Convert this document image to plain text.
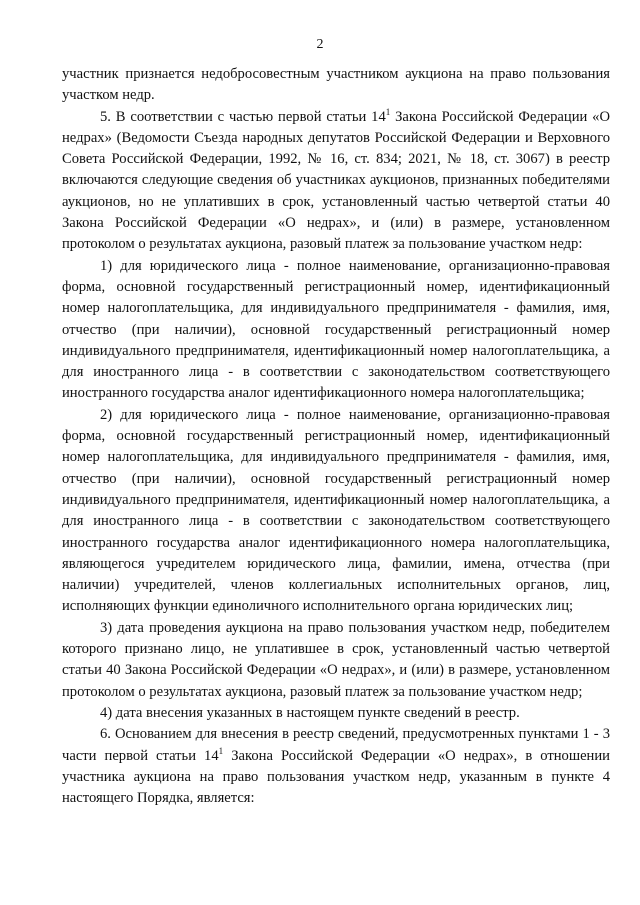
2

участник признается недобросовестным участником аукциона на право пользования участком недр.

5. В соответствии с частью первой статьи $14^1$ Закона Российской Федерации «О недрах» (Ведомости Съезда народных депутатов Российской Федерации и Верховного Совета Российской Федерации, 1992, № 16, ст. 834; 2021, № 18, ст. 3067) в реестр включаются следующие сведения об участниках аукционов, признанных победителями аукционов, но не уплативших в срок, установленный частью четвертой статьи 40 Закона Российской Федерации «О недрах», и (или) в размере, установленном протоколом о результатах аукциона, разовый платеж за пользование участком недр:

1) для юридического лица - полное наименование, организационно-правовая форма, основной государственный регистрационный номер, идентификационный номер налогоплательщика, для индивидуального предпринимателя - фамилия, имя, отчество (при наличии), основной государственный регистрационный номер индивидуального предпринимателя, идентификационный номер налогоплательщика, а для иностранного лица - в соответствии с законодательством соответствующего иностранного государства аналог идентификационного номера налогоплательщика;

2) для юридического лица - полное наименование, организационно-правовая форма, основной государственный регистрационный номер, идентификационный номер налогоплательщика, для индивидуального предпринимателя - фамилия, имя, отчество (при наличии), основной государственный регистрационный номер индивидуального предпринимателя, идентификационный номер налогоплательщика, а для иностранного лица - в соответствии с законодательством соответствующего иностранного государства аналог идентификационного номера налогоплательщика, являющегося учредителем юридического лица, фамилии, имена, отчества (при наличии) учредителей, членов коллегиальных исполнительных органов, лиц, исполняющих функции единоличного исполнительного органа юридических лиц;

3) дата проведения аукциона на право пользования участком недр, победителем которого признано лицо, не уплатившее в срок, установленный частью четвертой статьи 40 Закона Российской Федерации «О недрах», и (или) в размере, установленном протоколом о результатах аукциона, разовый платеж за пользование участком недр;

4) дата внесения указанных в настоящем пункте сведений в реестр.

6. Основанием для внесения в реестр сведений, предусмотренных пунктами 1 - 3 части первой статьи $14^1$ Закона Российской Федерации «О недрах», в отношении участника аукциона на право пользования участком недр, указанным в пункте 4 настоящего Порядка, является:
